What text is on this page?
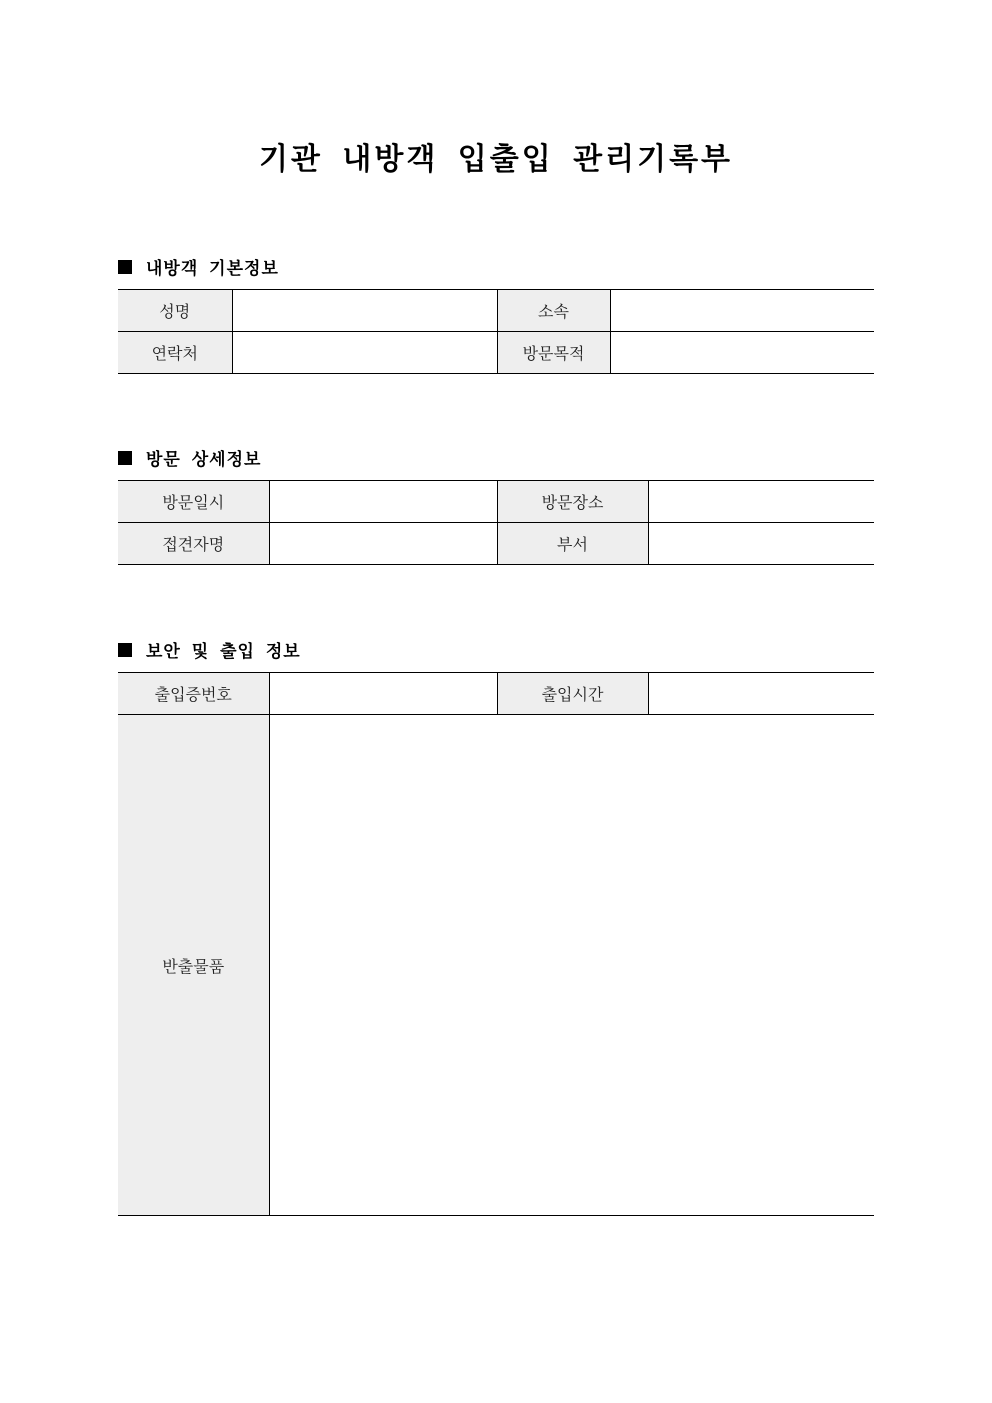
기관 내방객 입출입 관리기록부
내방객 기본정보
성명		소속	
연락처		방문목적	
방문 상세정보
방문일시		방문장소	
접견자명		부서	
보안 및 출입 정보
출입증번호		출입시간	
반출물품			
